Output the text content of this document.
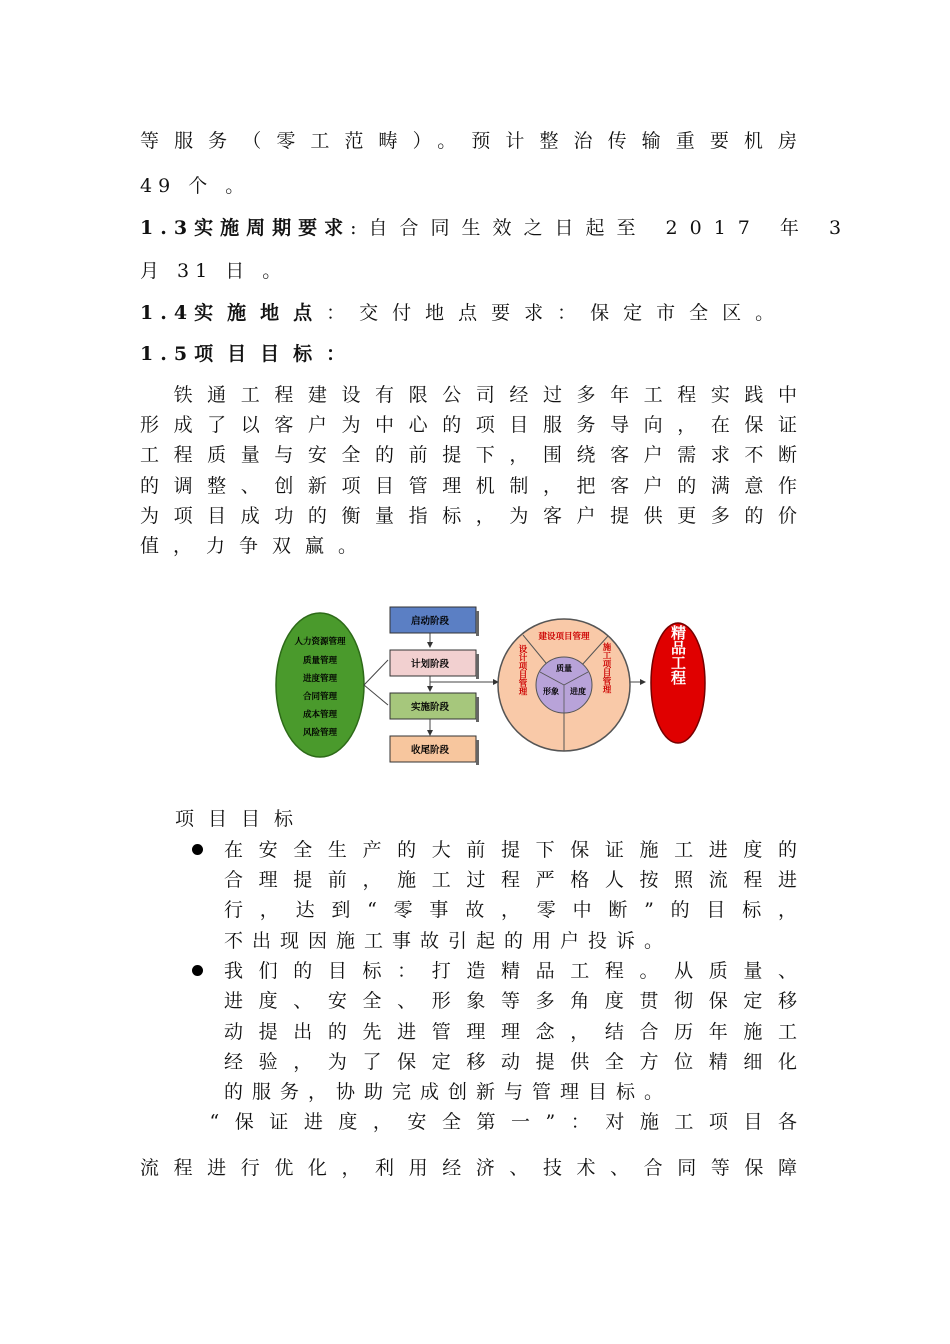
等服务（零工范畴）。预计整治传输重要机房
49 个 。
1.3实施周期要求:自合同生效之日起至 2017 年 3
月 31 日 。
1.4实施地点：交付地点要求：保定市全区。
1.5项目目标：
　铁通工程建设有限公司经过多年工程实践中
形成了以客户为中心的项目服务导向，在保证
工程质量与安全的前提下，围绕客户需求不断
的调整、创新项目管理机制，把客户的满意作
为项目成功的衡量指标，为客户提供更多的价
值，力争双赢。
人力资源管理
质量管理
进度管理
合同管理
成本管理
风险管理
启动阶段
计划阶段
实施阶段
收尾阶段
建设项目管理
质量
形象 进度
设计项目管理	施工项目管理	精品工程
项目目标
在安全生产的大前提下保证施工进度的
合理提前，施工过程严格人按照流程进
行，达到“零事故，零中断”的目标，
不出现因施工事故引起的用户投诉。
我们的目标：打造精品工程。从质量、
进度、安全、形象等多角度贯彻保定移
动提出的先进管理理念，结合历年施工
经验，为了保定移动提供全方位精细化
的服务，协助完成创新与管理目标。
　“保证进度，安全第一”：对施工项目各
流程进行优化，利用经济、技术、合同等保障
